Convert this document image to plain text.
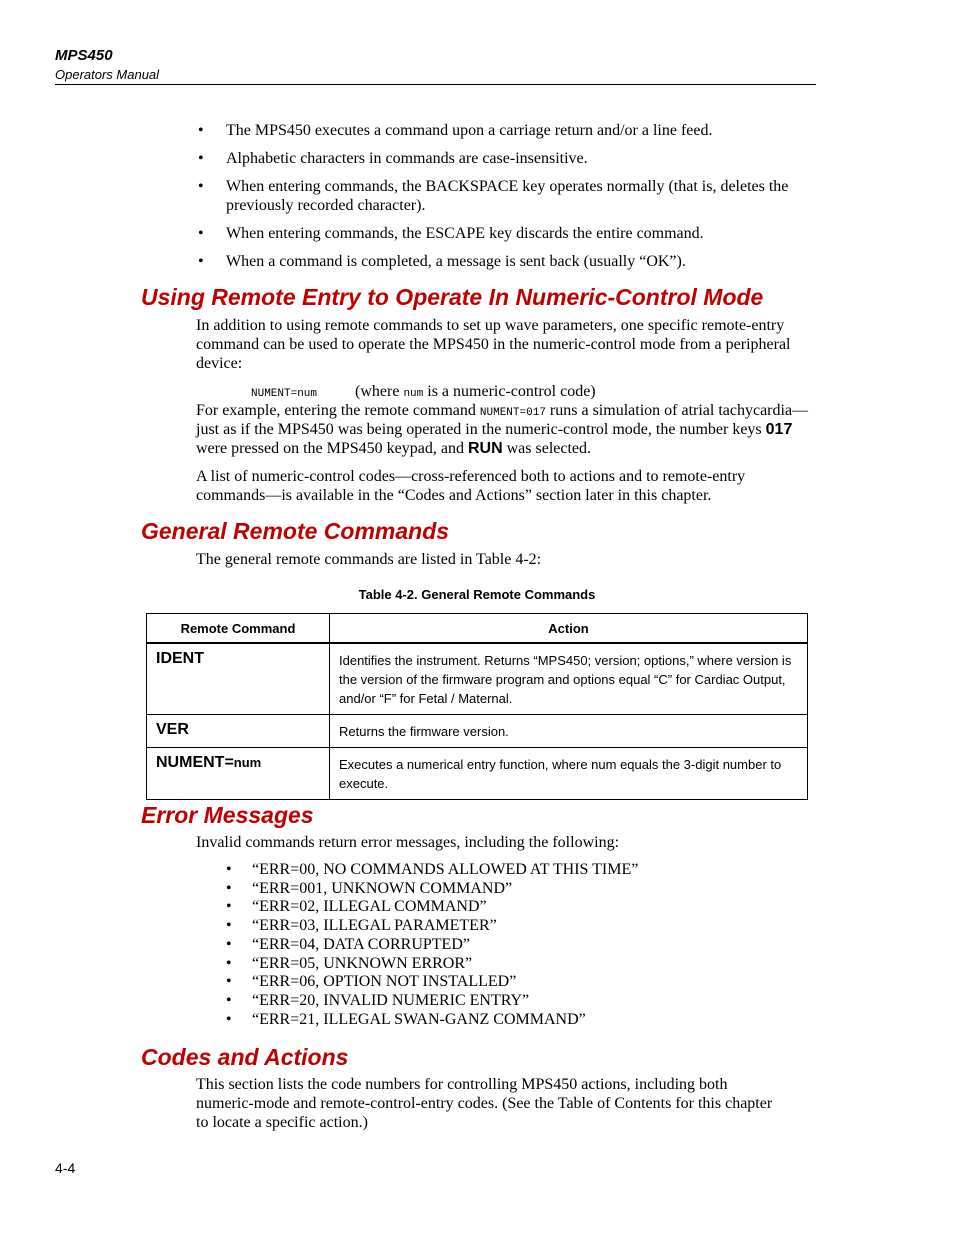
MPS450
Operators Manual
• The MPS450 executes a command upon a carriage return and/or a line feed.
• Alphabetic characters in commands are case-insensitive.
• When entering commands, the BACKSPACE key operates normally (that is, deletes the previously recorded character).
• When entering commands, the ESCAPE key discards the entire command.
• When a command is completed, a message is sent back (usually “OK”).
Using Remote Entry to Operate In Numeric-Control Mode

In addition to using remote commands to set up wave parameters, one specific remote-entry command can be used to operate the MPS450 in the numeric-control mode from a peripheral device:

NUMENT=num (where num is a numeric-control code)

For example, entering the remote command NUMENT=017 runs a simulation of atrial tachycardia—just as if the MPS450 was being operated in the numeric-control mode, the number keys 017 were pressed on the MPS450 keypad, and RUN was selected.

A list of numeric-control codes—cross-referenced both to actions and to remote-entry commands—is available in the “Codes and Actions” section later in this chapter.

General Remote Commands

The general remote commands are listed in Table 4-2:

Table 4-2. General Remote Commands
Remote Command	Action
IDENT	Identifies the instrument. Returns “MPS450; version; options,” where version is the version of the firmware program and options equal “C” for Cardiac Output, and/or “F” for Fetal / Maternal.
VER	Returns the firmware version.
NUMENT=num	Executes a numerical entry function, where num equals the 3-digit number to execute.
Error Messages

Invalid commands return error messages, including the following:

• “ERR=00, NO COMMANDS ALLOWED AT THIS TIME”
• “ERR=001, UNKNOWN COMMAND”
• “ERR=02, ILLEGAL COMMAND”
• “ERR=03, ILLEGAL PARAMETER”
• “ERR=04, DATA CORRUPTED”
• “ERR=05, UNKNOWN ERROR”
• “ERR=06, OPTION NOT INSTALLED”
• “ERR=20, INVALID NUMERIC ENTRY”
• “ERR=21, ILLEGAL SWAN-GANZ COMMAND”
Codes and Actions

This section lists the code numbers for controlling MPS450 actions, including both numeric-mode and remote-control-entry codes. (See the Table of Contents for this chapter to locate a specific action.)

4-4
